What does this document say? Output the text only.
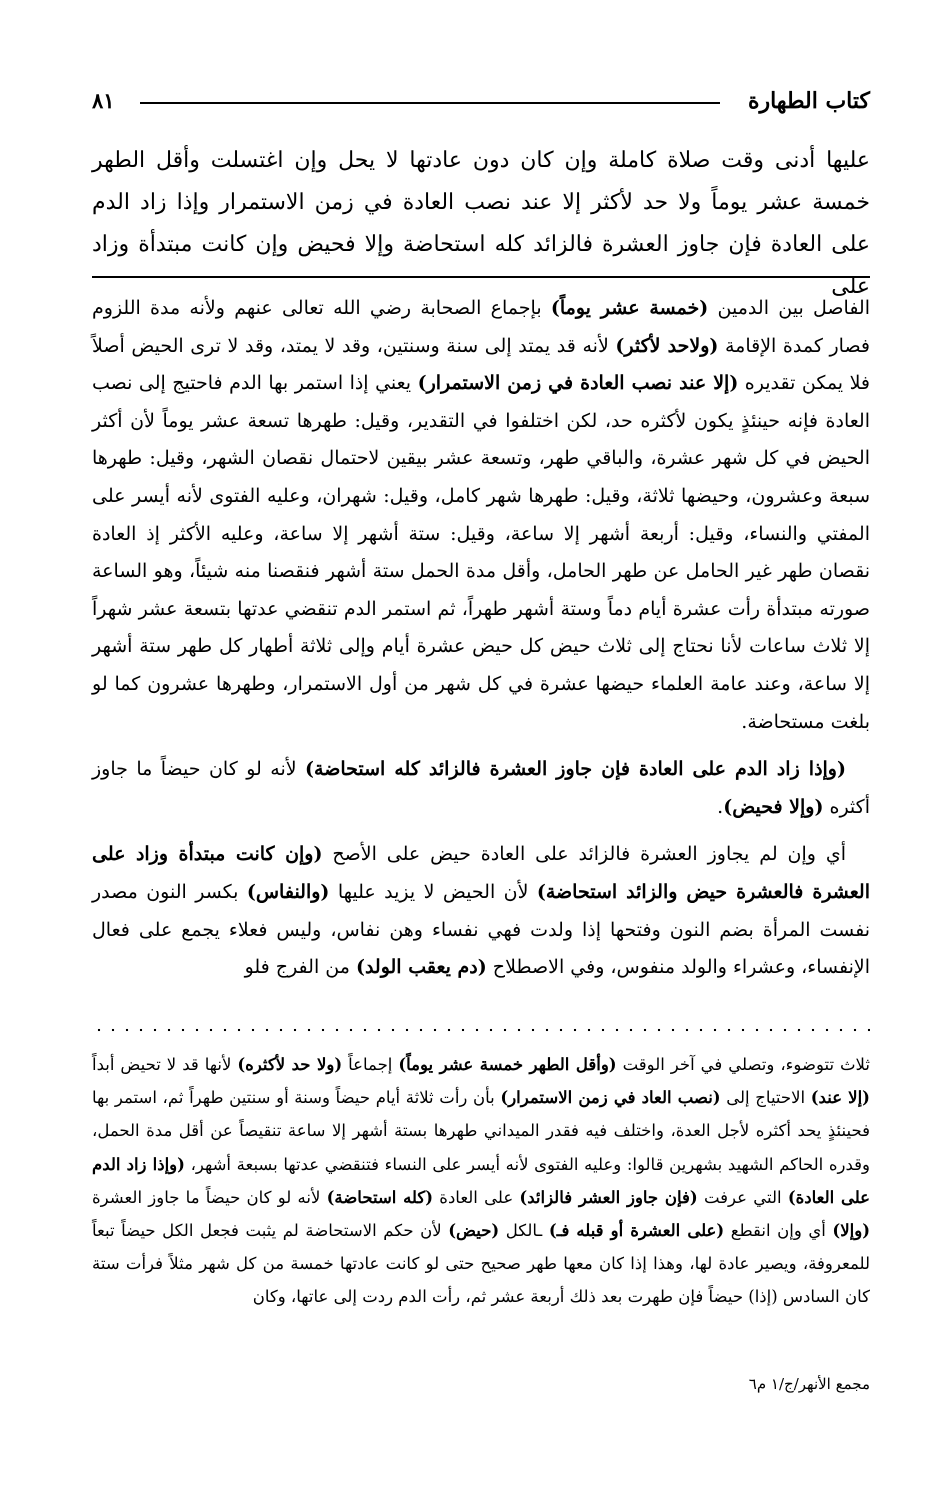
كتاب الطهارة
٨١

عليها أدنى وقت صلاة كاملة وإن كان دون عادتها لا يحل وإن اغتسلت وأقل الطهر خمسة عشر يوماً ولا حد لأكثر إلا عند نصب العادة في زمن الاستمرار وإذا زاد الدم على العادة فإن جاوز العشرة فالزائد كله استحاضة وإلا فحيض وإن كانت مبتدأة وزاد على

الفاصل بين الدمين (خمسة عشر يوماً) بإجماع الصحابة رضي الله تعالى عنهم ولأنه مدة اللزوم فصار كمدة الإقامة (ولاحد لأكثر) لأنه قد يمتد إلى سنة وسنتين، وقد لا يمتد، وقد لا ترى الحيض أصلاً فلا يمكن تقديره (إلا عند نصب العادة في زمن الاستمرار) يعني إذا استمر بها الدم فاحتيج إلى نصب العادة فإنه حينئذٍ يكون لأكثره حد، لكن اختلفوا في التقدير، وقيل: طهرها تسعة عشر يوماً لأن أكثر الحيض في كل شهر عشرة، والباقي طهر، وتسعة عشر بيقين لاحتمال نقصان الشهر، وقيل: طهرها سبعة وعشرون، وحيضها ثلاثة، وقيل: طهرها شهر كامل، وقيل: شهران، وعليه الفتوى لأنه أيسر على المفتي والنساء، وقيل: أربعة أشهر إلا ساعة، وقيل: ستة أشهر إلا ساعة، وعليه الأكثر إذ العادة نقصان طهر غير الحامل عن طهر الحامل، وأقل مدة الحمل ستة أشهر فنقصنا منه شيئاً، وهو الساعة صورته مبتدأة رأت عشرة أيام دماً وستة أشهر طهراً، ثم استمر الدم تنقضي عدتها بتسعة عشر شهراً إلا ثلاث ساعات لأنا نحتاج إلى ثلاث حيض كل حيض عشرة أيام وإلى ثلاثة أطهار كل طهر ستة أشهر إلا ساعة، وعند عامة العلماء حيضها عشرة في كل شهر من أول الاستمرار، وطهرها عشرون كما لو بلغت مستحاضة.

(وإذا زاد الدم على العادة فإن جاوز العشرة فالزائد كله استحاضة) لأنه لو كان حيضاً ما جاوز أكثره (وإلا فحيض).

أي وإن لم يجاوز العشرة فالزائد على العادة حيض على الأصح (وإن كانت مبتدأة وزاد على العشرة فالعشرة حيض والزائد استحاضة) لأن الحيض لا يزيد عليها (والنفاس) بكسر النون مصدر نفست المرأة بضم النون وفتحها إذا ولدت فهي نفساء وهن نفاس، وليس فعلاء يجمع على فعال الإنفساء، وعشراء والولد منفوس، وفي الاصطلاح (دم يعقب الولد) من الفرج فلو

ثلاث تتوضوء، وتصلي في آخر الوقت (وأقل الطهر خمسة عشر يوماً) إجماعاً (ولا حد لأكثره) لأنها قد لا تحيض أبداً (إلا عند) الاحتياج إلى (نصب العاد في زمن الاستمرار) بأن رأت ثلاثة أيام حيضاً وسنة أو سنتين طهراً ثم، استمر بها فحينئذٍ يحد أكثره لأجل العدة، واختلف فيه فقدر الميداني طهرها بستة أشهر إلا ساعة تنقيصاً عن أقل مدة الحمل، وقدره الحاكم الشهيد بشهرين قالوا: وعليه الفتوى لأنه أيسر على النساء فتنقضي عدتها بسبعة أشهر، (وإذا زاد الدم على العادة) التي عرفت (فإن جاوز العشر فالزائد) على العادة (كله استحاضة) لأنه لو كان حيضاً ما جاوز العشرة (وإلا) أي وإن انقطع (على العشرة أو قبله فـ) ـالكل (حيض) لأن حكم الاستحاضة لم يثبت فجعل الكل حيضاً تبعاً للمعروفة، ويصير عادة لها، وهذا إذا كان معها طهر صحيح حتى لو كانت عادتها خمسة من كل شهر مثلاً فرأت ستة كان السادس (إذا) حيضاً فإن طهرت بعد ذلك أربعة عشر ثم، رأت الدم ردت إلى عاتها، وكان

مجمع الأنهر/ج/١ م٦
